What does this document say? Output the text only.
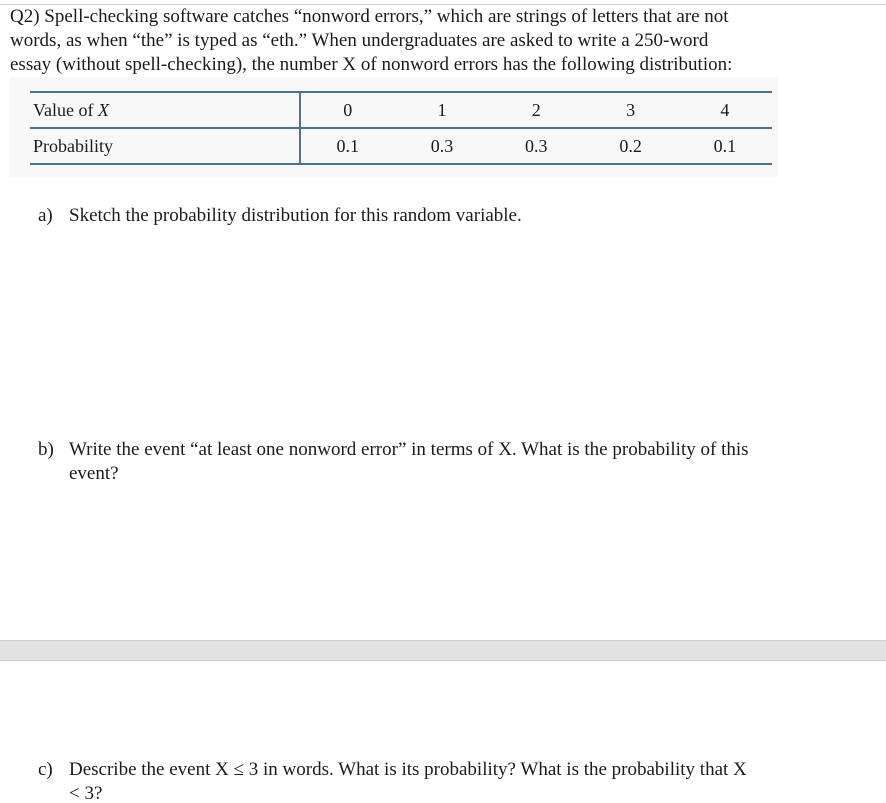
Q2) Spell-checking software catches “nonword errors,” which are strings of letters that are not

words, as when “the” is typed as “eth.” When undergraduates are asked to write a 250-word

essay (without spell-checking), the number X of nonword errors has the following distribution:

Value of X	0	1	2	3	4
Probability	0.1	0.3	0.3	0.2	0.1
a) Sketch the probability distribution for this random variable.
b) Write the event “at least one nonword error” in terms of X. What is the probability of this
event?
c) Describe the event X ≤ 3 in words. What is its probability? What is the probability that X
< 3?
